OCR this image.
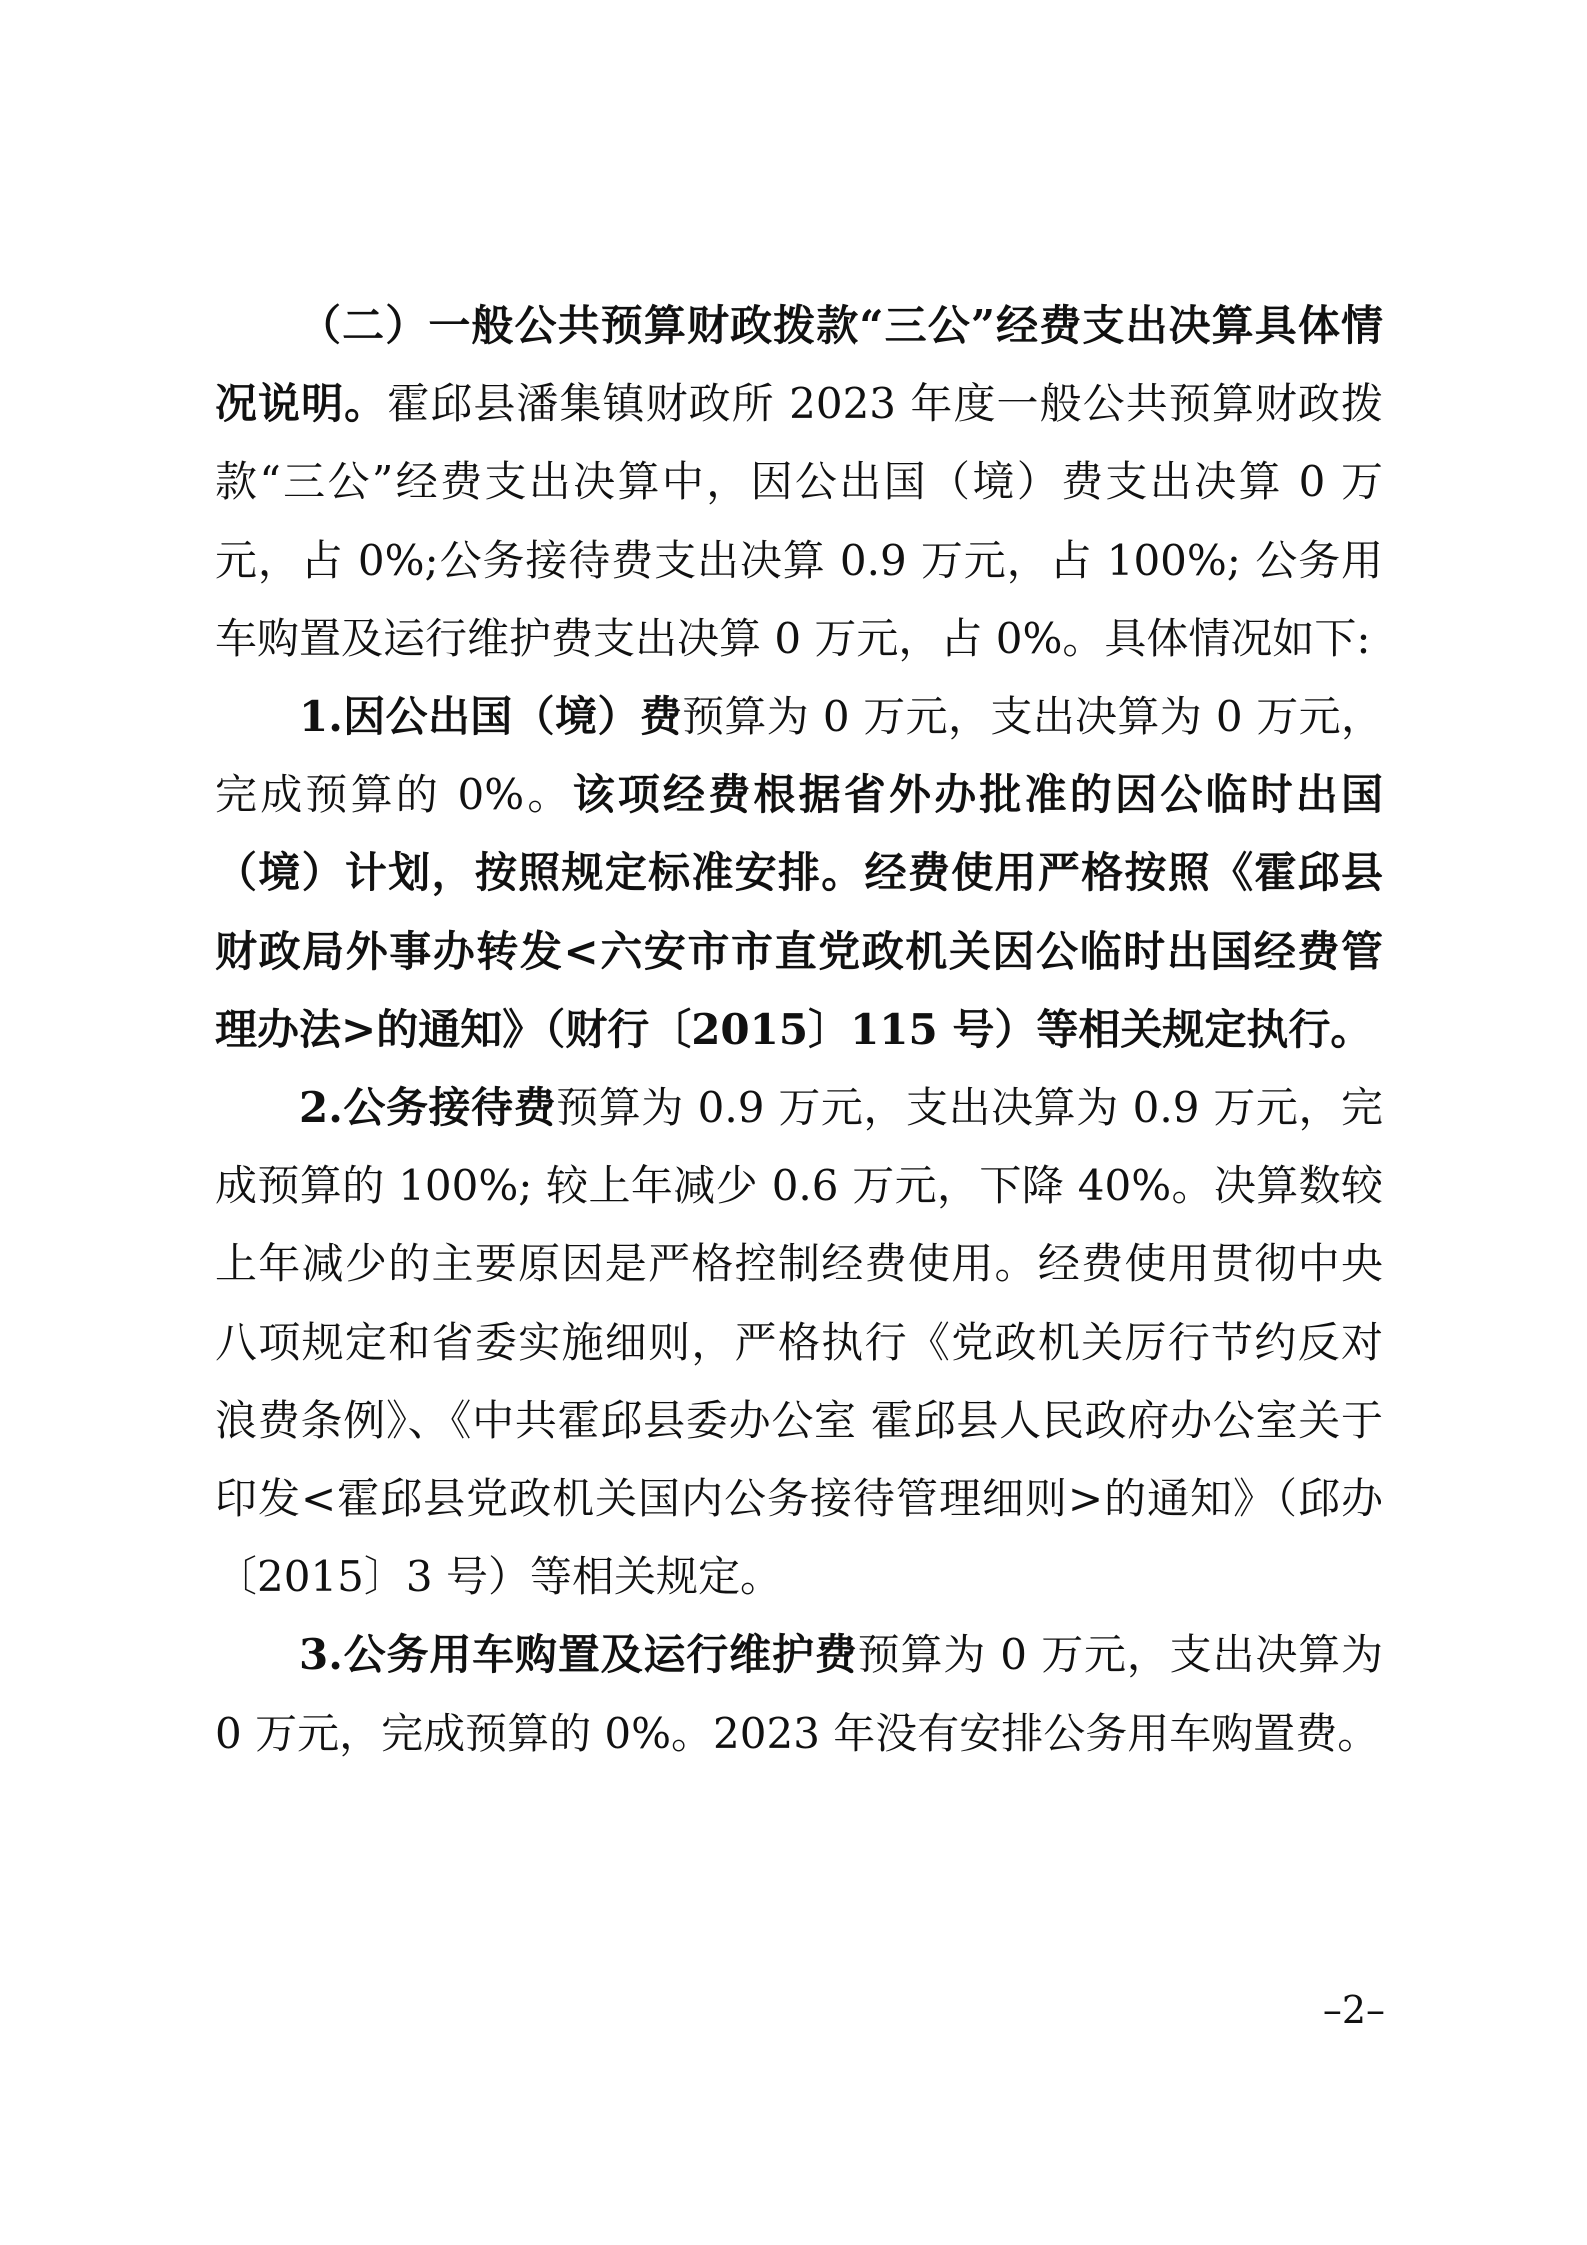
（二）一般公共预算财政拨款“三公”经费支出决算具体情况说明。霍邱县潘集镇财政所 2023 年度一般公共预算财政拨款“三公”经费支出决算中，因公出国（境）费支出决算 0 万元，占 0%;公务接待费支出决算 0.9 万元，占 100%; 公务用车购置及运行维护费支出决算 0 万元，占 0%。具体情况如下:

1.因公出国（境）费预算为 0 万元，支出决算为 0 万元，完成预算的 0%。该项经费根据省外办批准的因公临时出国（境）计划，按照规定标准安排。经费使用严格按照《霍邱县财政局外事办转发<六安市市直党政机关因公临时出国经费管理办法>的通知》（财行〔2015〕115 号）等相关规定执行。

2.公务接待费预算为 0.9 万元，支出决算为 0.9 万元，完成预算的 100%; 较上年减少 0.6 万元，下降 40%。决算数较上年减少的主要原因是严格控制经费使用。经费使用贯彻中央八项规定和省委实施细则，严格执行《党政机关厉行节约反对浪费条例》、《中共霍邱县委办公室 霍邱县人民政府办公室关于印发<霍邱县党政机关国内公务接待管理细则>的通知》（邱办〔2015〕3 号）等相关规定。

3.公务用车购置及运行维护费预算为 0 万元，支出决算为 0 万元，完成预算的 0%。2023 年没有安排公务用车购置费。

–2–
